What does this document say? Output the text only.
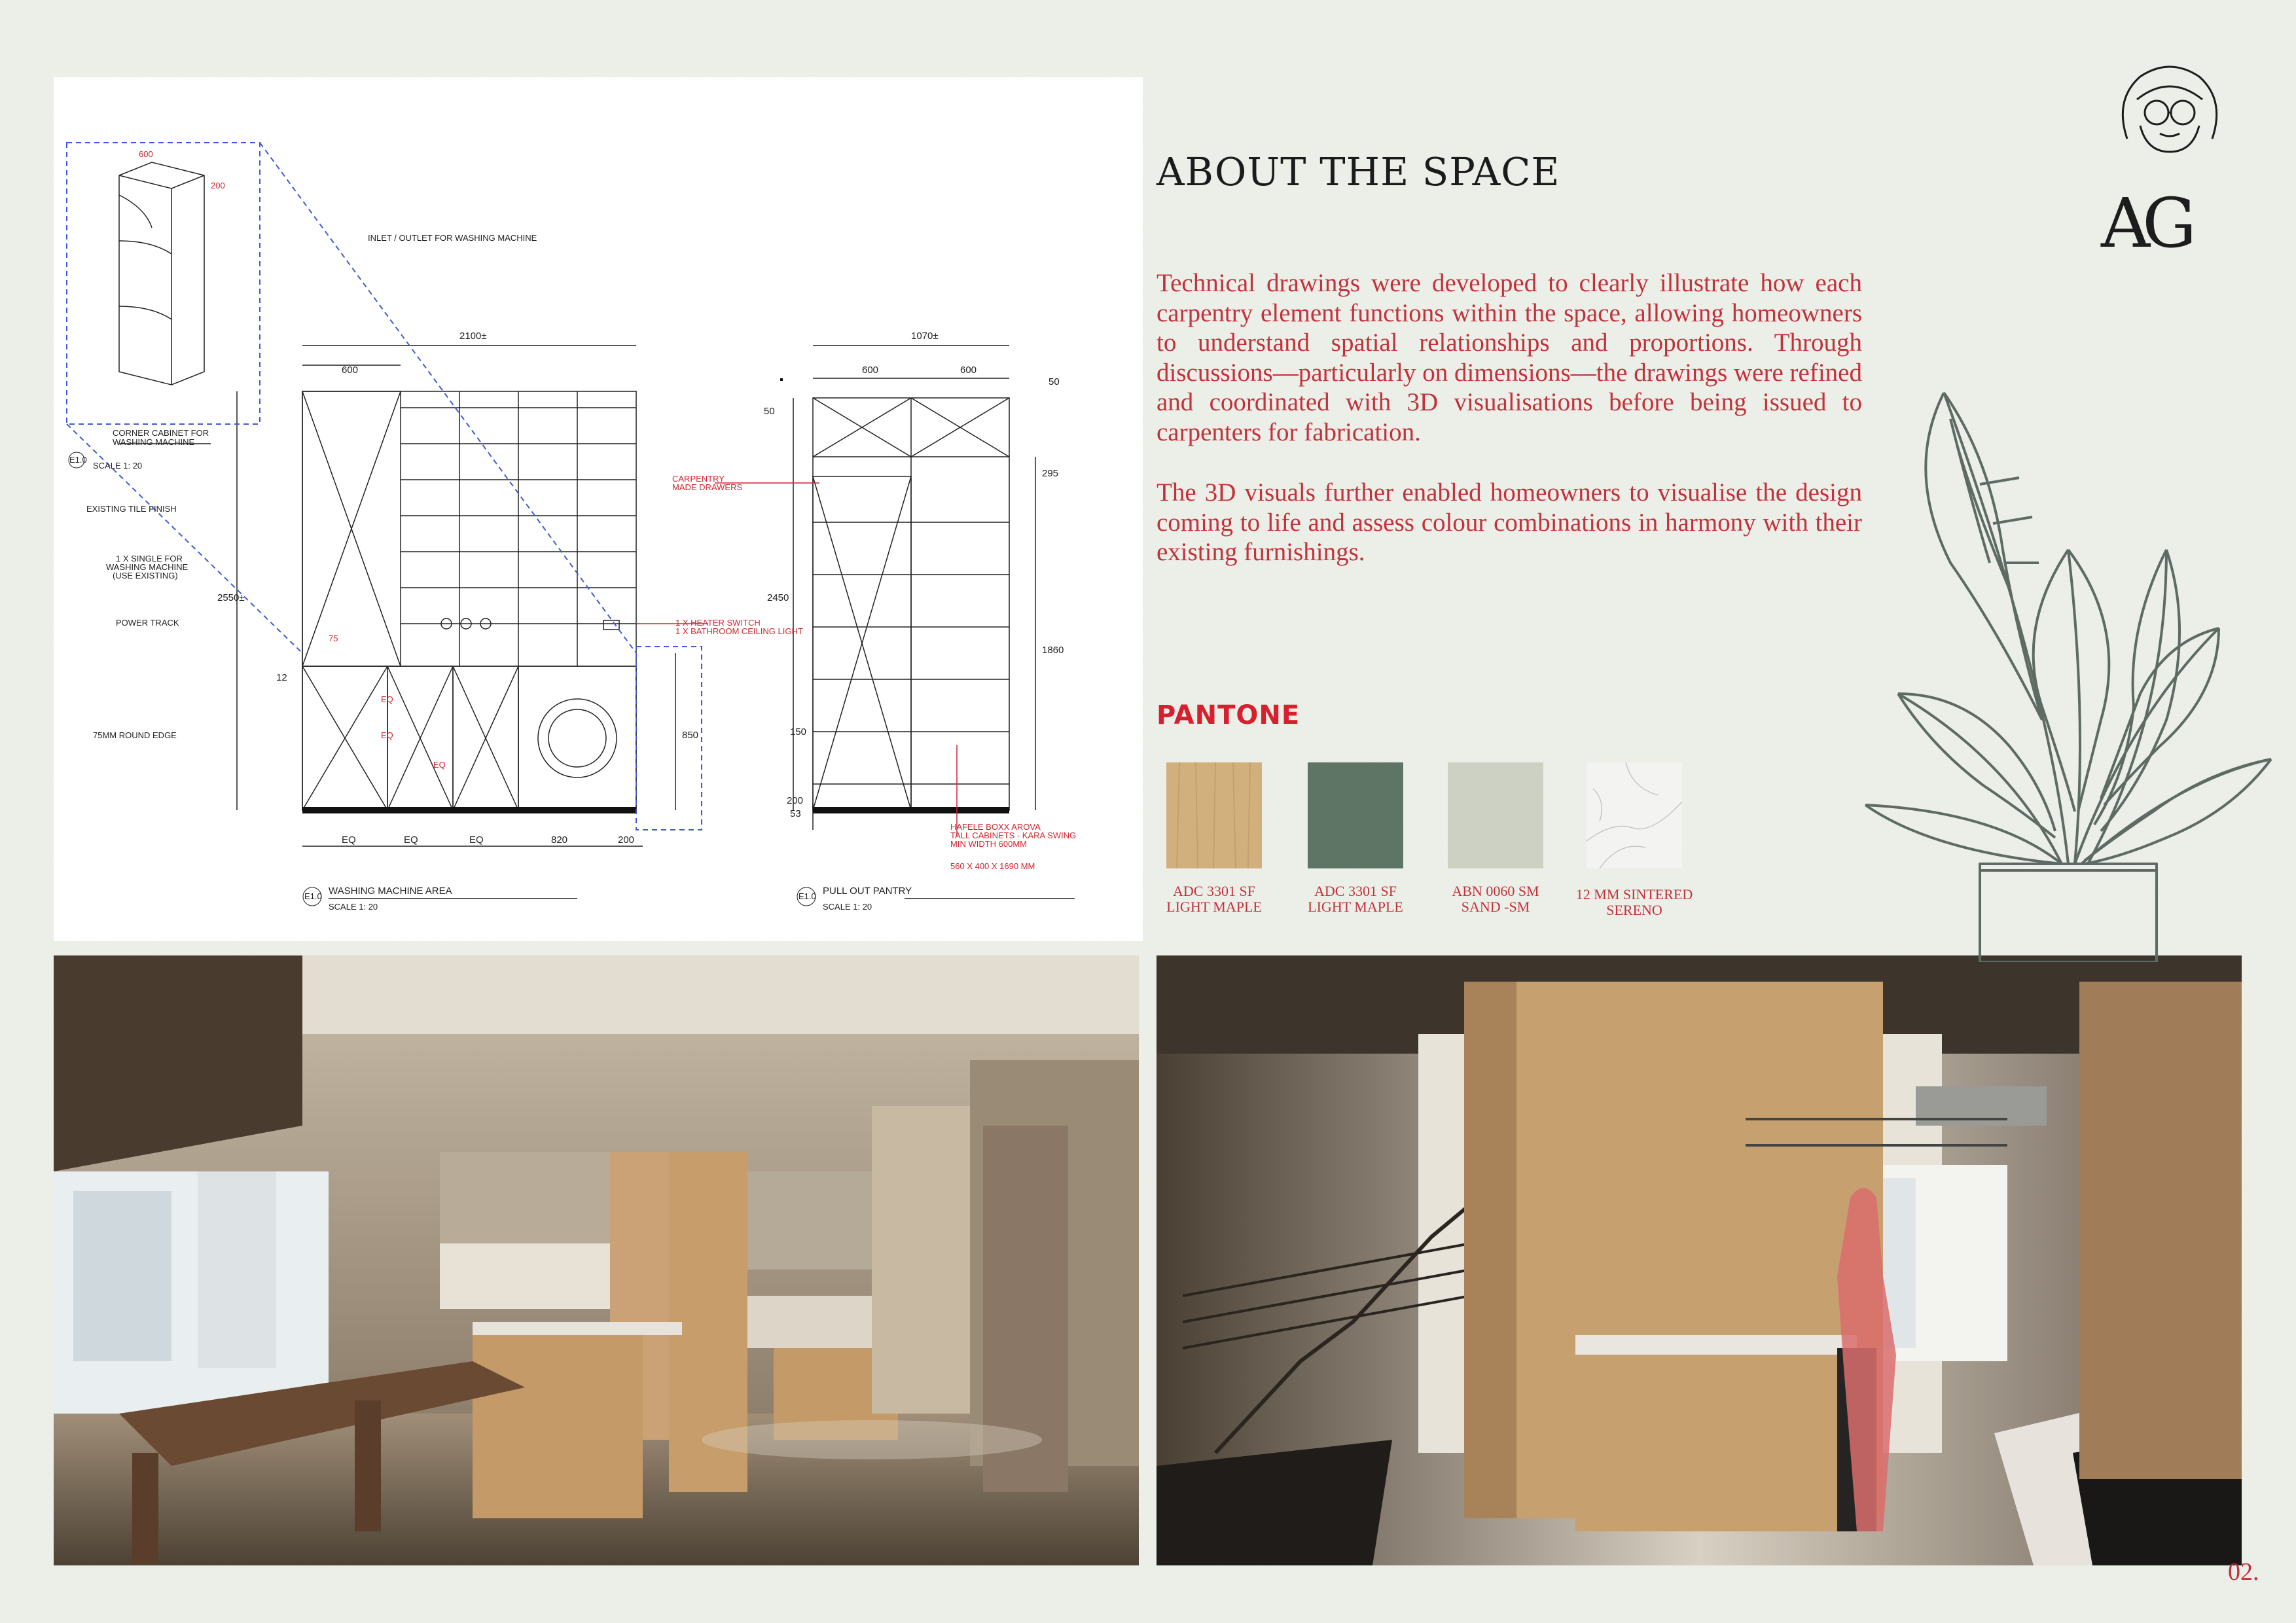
600
200
2100±
600
1070±
600	600
50
50
295
2550±	2450
1860
75
12
850	150
200
53
EQ	EQ	EQ	820	200
EQ
EQ
EQ
INLET / OUTLET FOR WASHING MACHINE
CORNER CABINET FOR
WASHING MACHINE
SCALE 1: 20
EXISTING TILE FINISH
1 X SINGLE FOR
WASHING MACHINE
(USE EXISTING)
POWER TRACK
75MM ROUND EDGE
1 X HEATER SWITCH
1 X BATHROOM CEILING LIGHT
CARPENTRY
MADE DRAWERS
HAFELE BOXX AROVA
TALL CABINETS - KARA SWING
MIN WIDTH 600MM
560 X 400 X 1690 MM
E1.0
E1.0	E1.0
WASHING MACHINE AREA
SCALE 1: 20
PULL OUT PANTRY
SCALE 1: 20
AG
ABOUT THE SPACE

Technical drawings were developed to clearly illustrate how each carpentry element functions within the space, allowing homeowners to understand spatial relationships and proportions. Through discussions—particularly on dimensions—the drawings were refined and coordinated with 3D visualisations before being issued to carpenters for fabrication.

The 3D visuals further enabled homeowners to visualise the design coming to life and assess colour combinations in harmony with their existing furnishings.

PANTONE
ADC 3301 SF
LIGHT MAPLE
ADC 3301 SF
LIGHT MAPLE
ABN 0060 SM
SAND -SM
12 MM SINTERED
SERENO
02.
